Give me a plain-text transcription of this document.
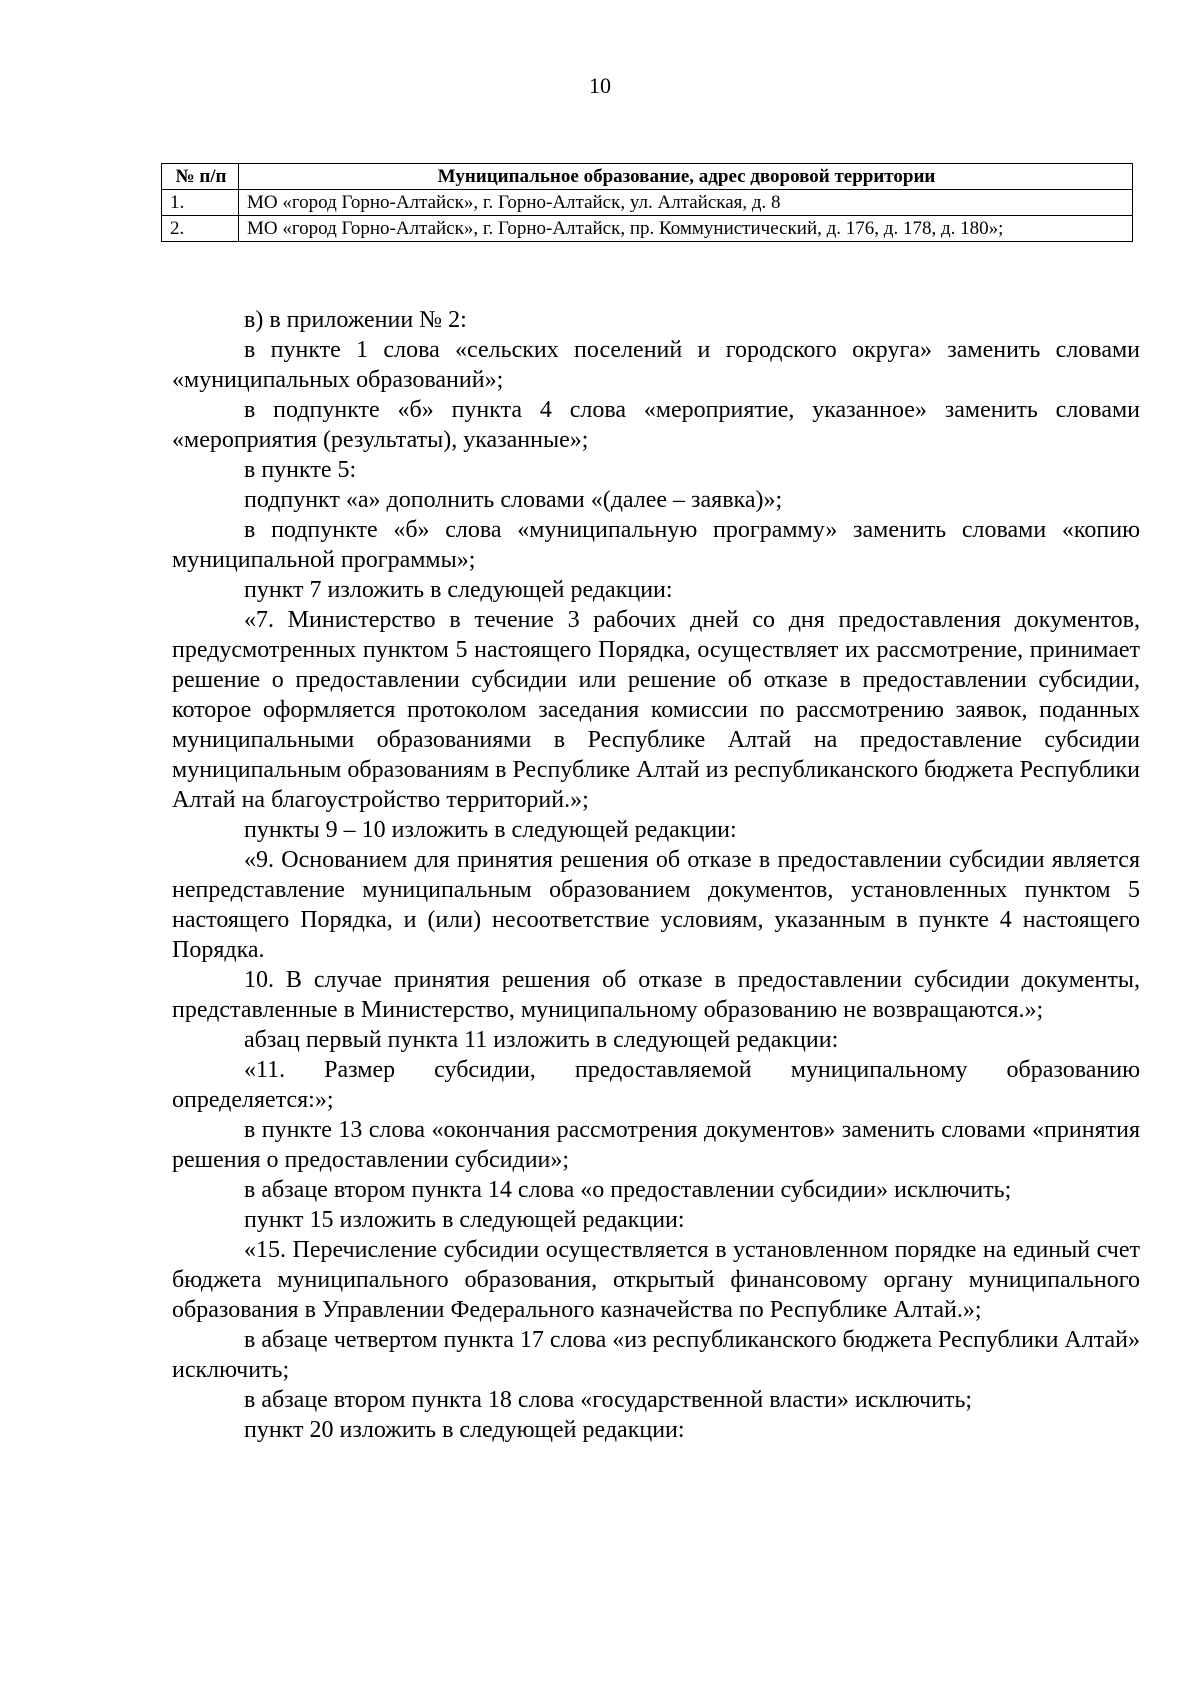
10
№ п/п	Муниципальное образование, адрес дворовой территории
1.	МО «город Горно-Алтайск», г. Горно-Алтайск, ул. Алтайская, д. 8
2.	МО «город Горно-Алтайск», г. Горно-Алтайск, пр. Коммунистический, д. 176, д. 178, д. 180»;

в) в приложении № 2:

в пункте 1 слова «сельских поселений и городского округа» заменить словами «муниципальных образований»;

в подпункте «б» пункта 4 слова «мероприятие, указанное» заменить словами «мероприятия (результаты), указанные»;

в пункте 5:

подпункт «а» дополнить словами «(далее – заявка)»;

в подпункте «б» слова «муниципальную программу» заменить словами «копию муниципальной программы»;

пункт 7 изложить в следующей редакции:

«7. Министерство в течение 3 рабочих дней со дня предоставления документов, предусмотренных пунктом 5 настоящего Порядка, осуществляет их рассмотрение, принимает решение о предоставлении субсидии или решение об отказе в предоставлении субсидии, которое оформляется протоколом заседания комиссии по рассмотрению заявок, поданных муниципальными образованиями в Республике Алтай на предоставление субсидии муниципальным образованиям в Республике Алтай из республиканского бюджета Республики Алтай на благоустройство территорий.»;

пункты 9 – 10 изложить в следующей редакции:

«9. Основанием для принятия решения об отказе в предоставлении субсидии является непредставление муниципальным образованием документов, установленных пунктом 5 настоящего Порядка, и (или) несоответствие условиям, указанным в пункте 4 настоящего Порядка.

10. В случае принятия решения об отказе в предоставлении субсидии документы, представленные в Министерство, муниципальному образованию не возвращаются.»;

абзац первый пункта 11 изложить в следующей редакции:

«11. Размер субсидии, предоставляемой муниципальному образованию определяется:»;

в пункте 13 слова «окончания рассмотрения документов» заменить словами «принятия решения о предоставлении субсидии»;

в абзаце втором пункта 14 слова «о предоставлении субсидии» исключить;

пункт 15 изложить в следующей редакции:

«15. Перечисление субсидии осуществляется в установленном порядке на единый счет бюджета муниципального образования, открытый финансовому органу муниципального образования в Управлении Федерального казначейства по Республике Алтай.»;

в абзаце четвертом пункта 17 слова «из республиканского бюджета Республики Алтай» исключить;

в абзаце втором пункта 18 слова «государственной власти» исключить;

пункт 20 изложить в следующей редакции:
